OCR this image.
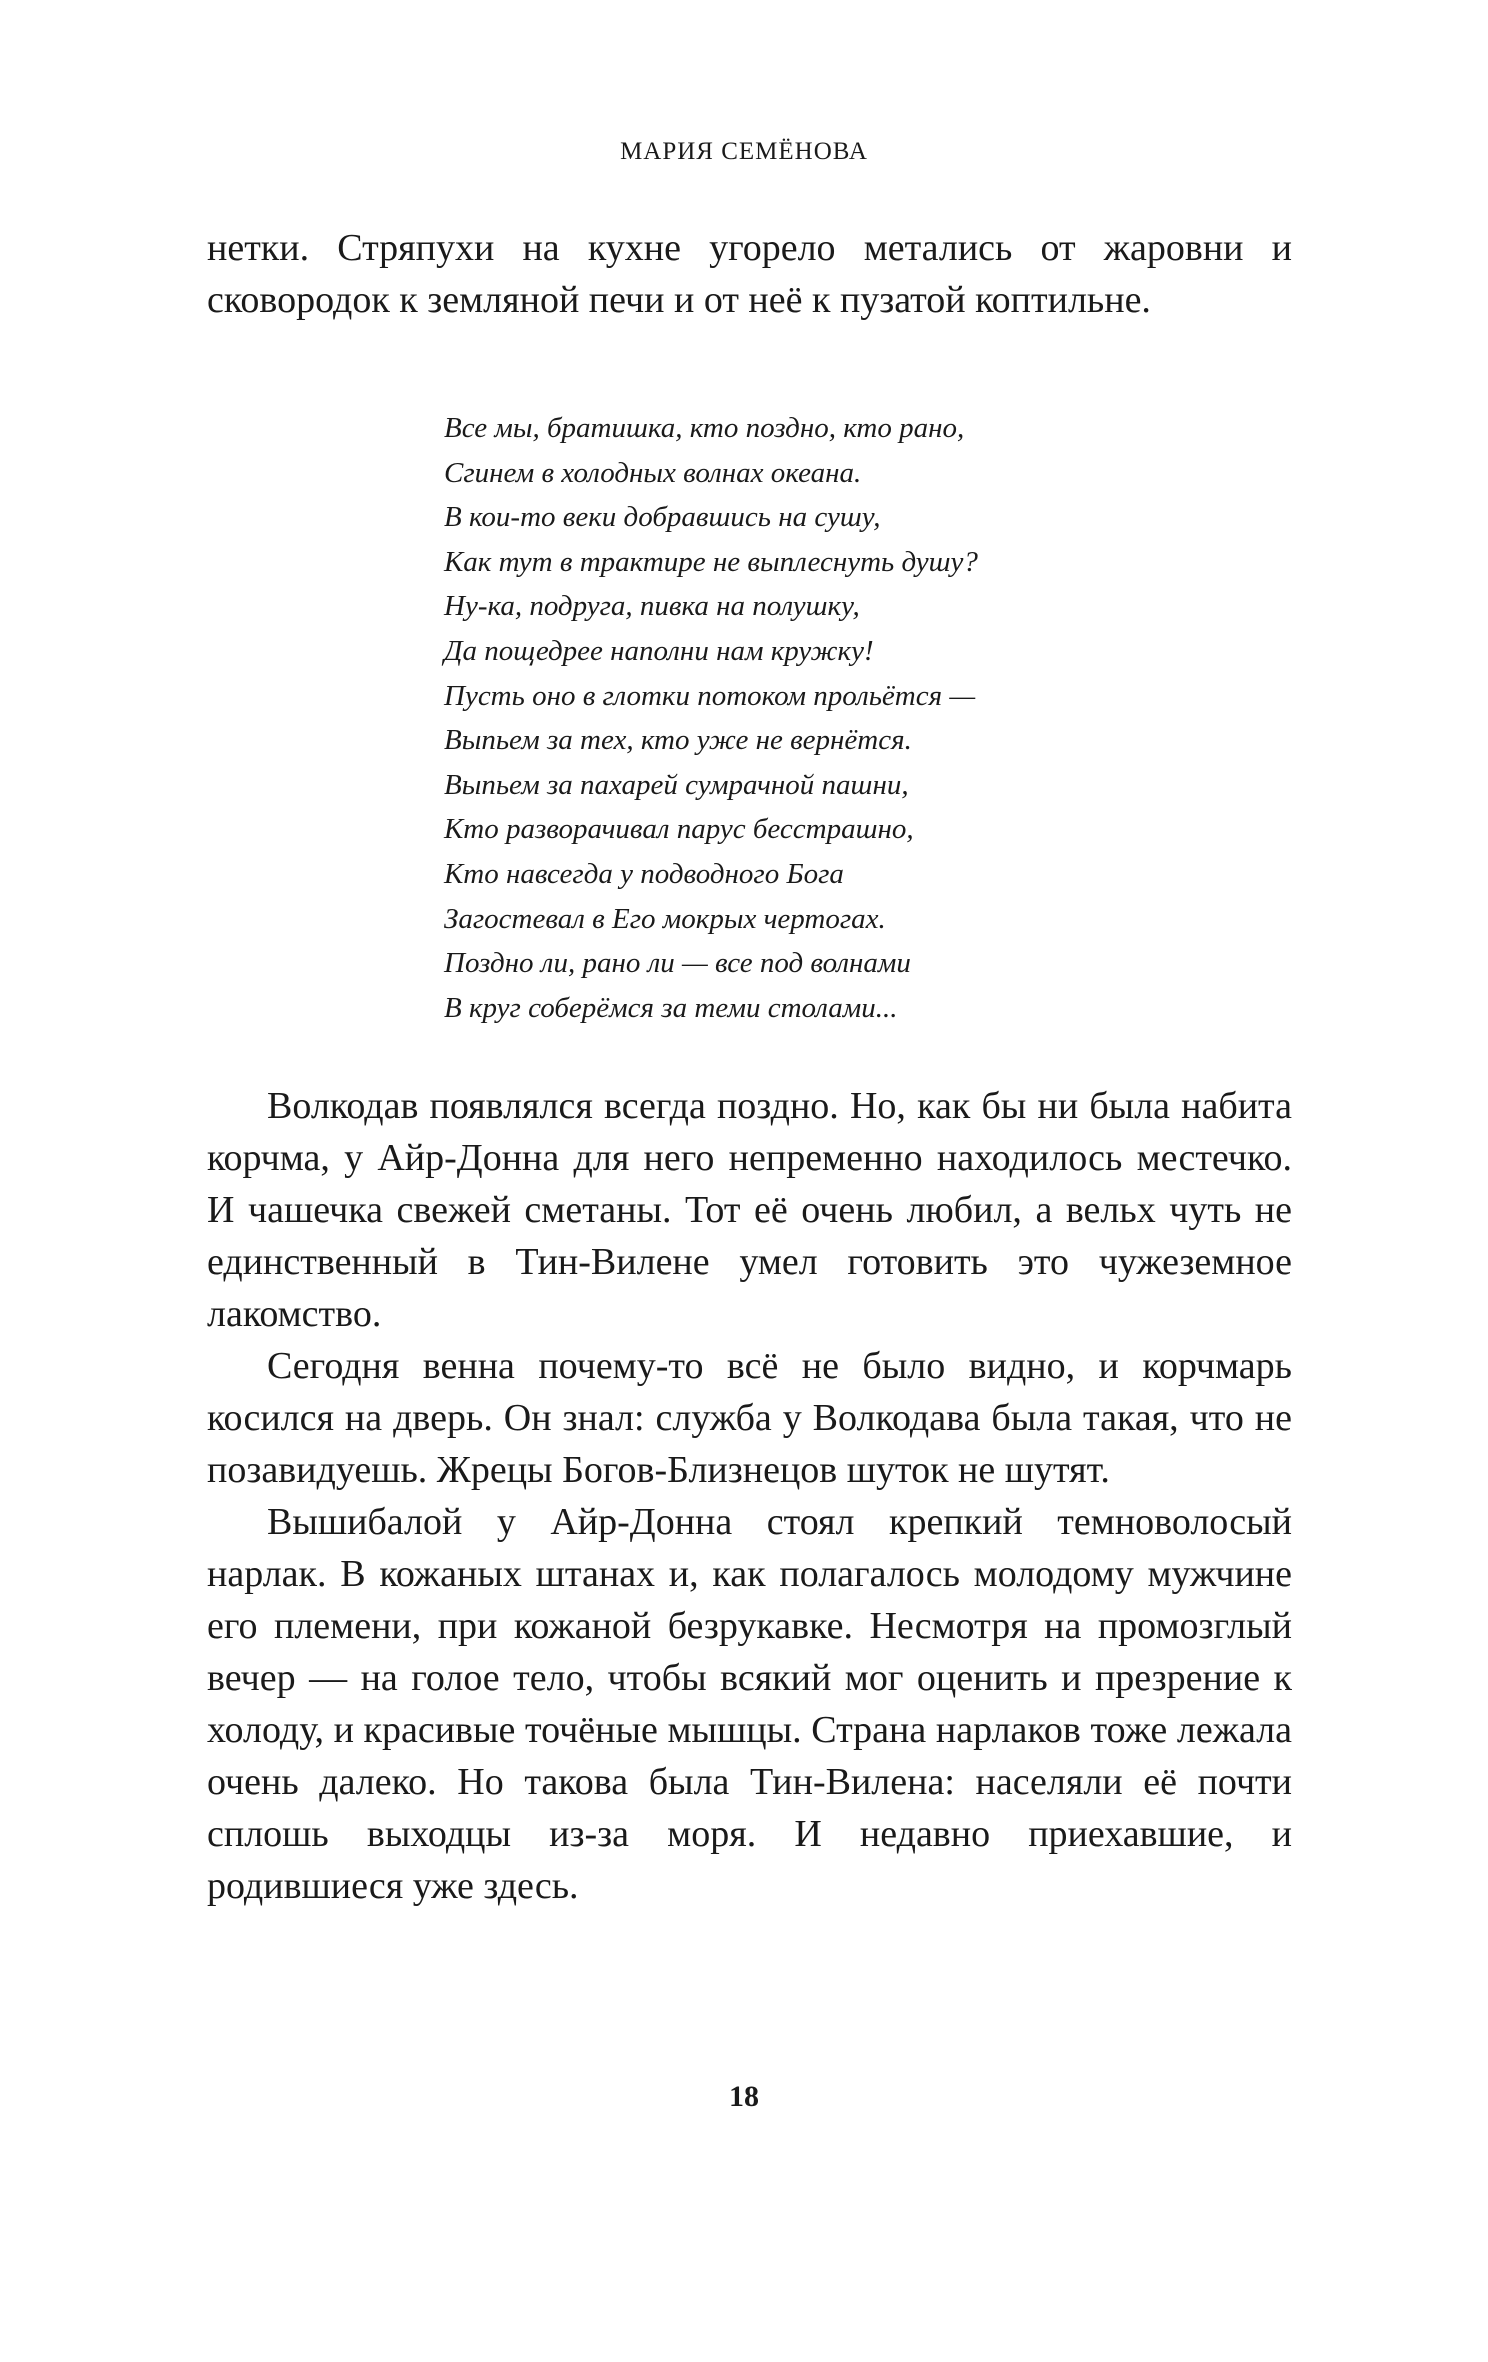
МАРИЯ СЕМЁНОВА

нетки. Стряпухи на кухне угорело метались от жаровни и сковородок к земляной печи и от неё к пузатой коптильне.

Все мы, братишка, кто поздно, кто рано,
Сгинем в холодных волнах океана.
В кои-то веки добравшись на сушу,
Как тут в трактире не выплеснуть душу?
Ну-ка, подруга, пивка на полушку,
Да пощедрее наполни нам кружку!
Пусть оно в глотки потоком прольётся —
Выпьем за тех, кто уже не вернётся.
Выпьем за пахарей сумрачной пашни,
Кто разворачивал парус бесстрашно,
Кто навсегда у подводного Бога
Загостевал в Его мокрых чертогах.
Поздно ли, рано ли — все под волнами
В круг соберёмся за теми столами...

Волкодав появлялся всегда поздно. Но, как бы ни была набита корчма, у Айр-Донна для него непременно находилось местечко. И чашечка свежей сметаны. Тот её очень любил, а вельх чуть не единственный в Тин-Вилене умел готовить это чужеземное лакомство.

Сегодня венна почему-то всё не было видно, и корчмарь косился на дверь. Он знал: служба у Волкодава была такая, что не позавидуешь. Жрецы Богов-Близнецов шуток не шутят.

Вышибалой у Айр-Донна стоял крепкий темноволосый нарлак. В кожаных штанах и, как полагалось молодому мужчине его племени, при кожаной безрукавке. Несмотря на промозглый вечер — на голое тело, чтобы всякий мог оценить и презрение к холоду, и красивые точёные мышцы. Страна нарлаков тоже лежала очень далеко. Но такова была Тин-Вилена: населяли её почти сплошь выходцы из-за моря. И недавно приехавшие, и родившиеся уже здесь.

18
